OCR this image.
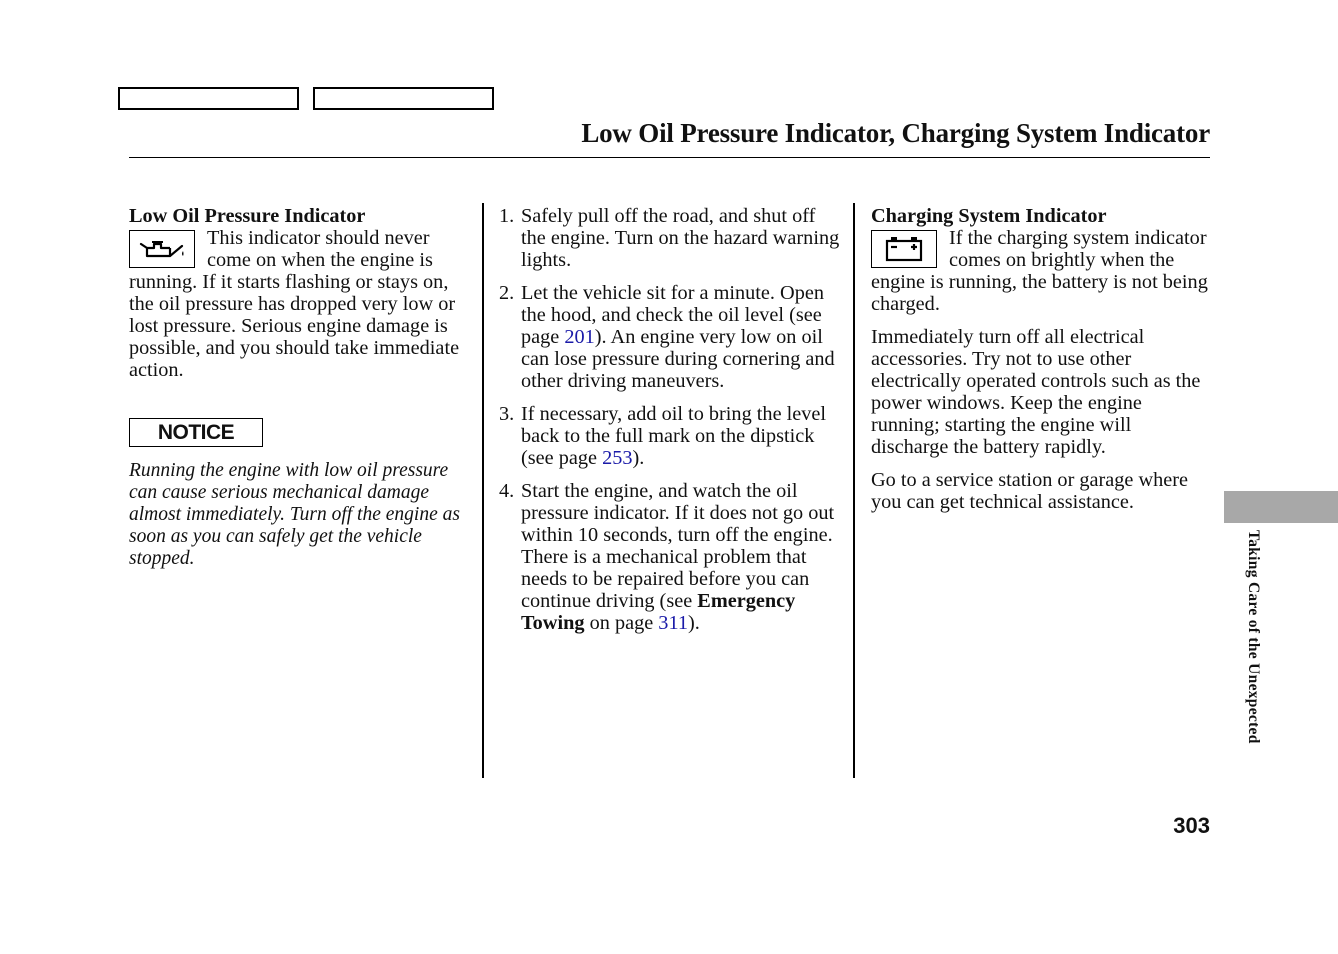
Low Oil Pressure Indicator, Charging System Indicator
Low Oil Pressure Indicator

This indicator should never come on when the engine is running. If it starts flashing or stays on, the oil pressure has dropped very low or lost pressure. Serious engine damage is possible, and you should take immediate action.

NOTICE

Running the engine with low oil pressure can cause serious mechanical damage almost immediately. Turn off the engine as soon as you can safely get the vehicle stopped.

1. Safely pull off the road, and shut off the engine. Turn on the hazard warning lights.
2. Let the vehicle sit for a minute. Open the hood, and check the oil level (see page 201). An engine very low on oil can lose pressure during cornering and other driving maneuvers.
3. If necessary, add oil to bring the level back to the full mark on the dipstick (see page 253).
4. Start the engine, and watch the oil pressure indicator. If it does not go out within 10 seconds, turn off the engine. There is a mechanical problem that needs to be repaired before you can continue driving (see Emergency Towing on page 311).
Charging System Indicator

If the charging system indicator comes on brightly when the engine is running, the battery is not being charged.

Immediately turn off all electrical accessories. Try not to use other electrically operated controls such as the power windows. Keep the engine running; starting the engine will discharge the battery rapidly.

Go to a service station or garage where you can get technical assistance.

Taking Care of the Unexpected
303
